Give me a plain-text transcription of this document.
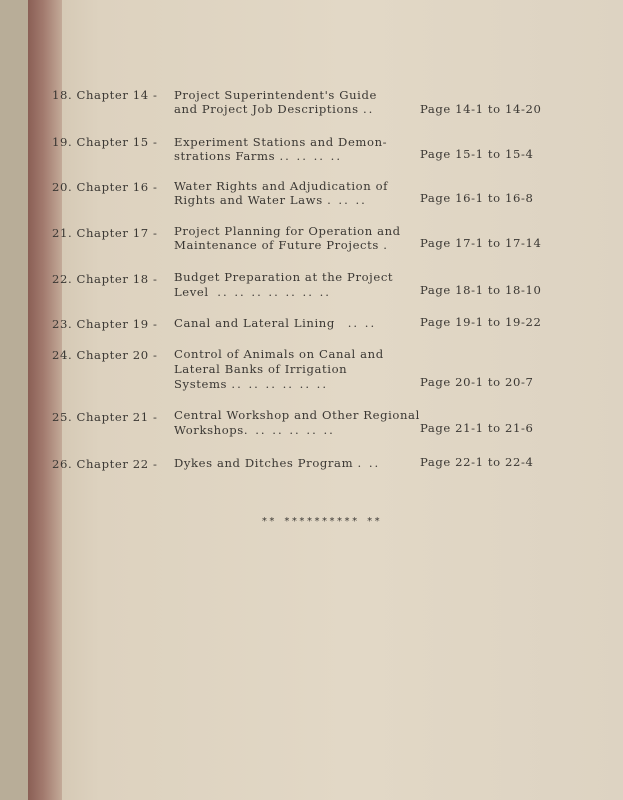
18. Chapter 14 - Project Superintendent's Guide
and Project Job Descriptions ..	Page 14-1 to 14-20
19. Chapter 15 - Experiment Stations and Demon-
strations Farms .. .. .. ..	Page 15-1 to 15-4
20. Chapter 16 - Water Rights and Adjudication of
Rights and Water Laws . .. ..	Page 16-1 to 16-8
21. Chapter 17 - Project Planning for Operation and
Maintenance of Future Projects .	Page 17-1 to 17-14
22. Chapter 18 - Budget Preparation at the Project
Level .. .. .. .. .. .. ..	Page 18-1 to 18-10
23. Chapter 19 - Canal and Lateral Lining .. ..	Page 19-1 to 19-22
24. Chapter 20 - Control of Animals on Canal and
Lateral Banks of Irrigation
Systems .. .. .. .. .. ..	Page 20-1 to 20-7
25. Chapter 21 - Central Workshop and Other Regional
Workshops. .. .. .. .. ..	Page 21-1 to 21-6
26. Chapter 22 - Dykes and Ditches Program . ..	Page 22-1 to 22-4
** ********** **
